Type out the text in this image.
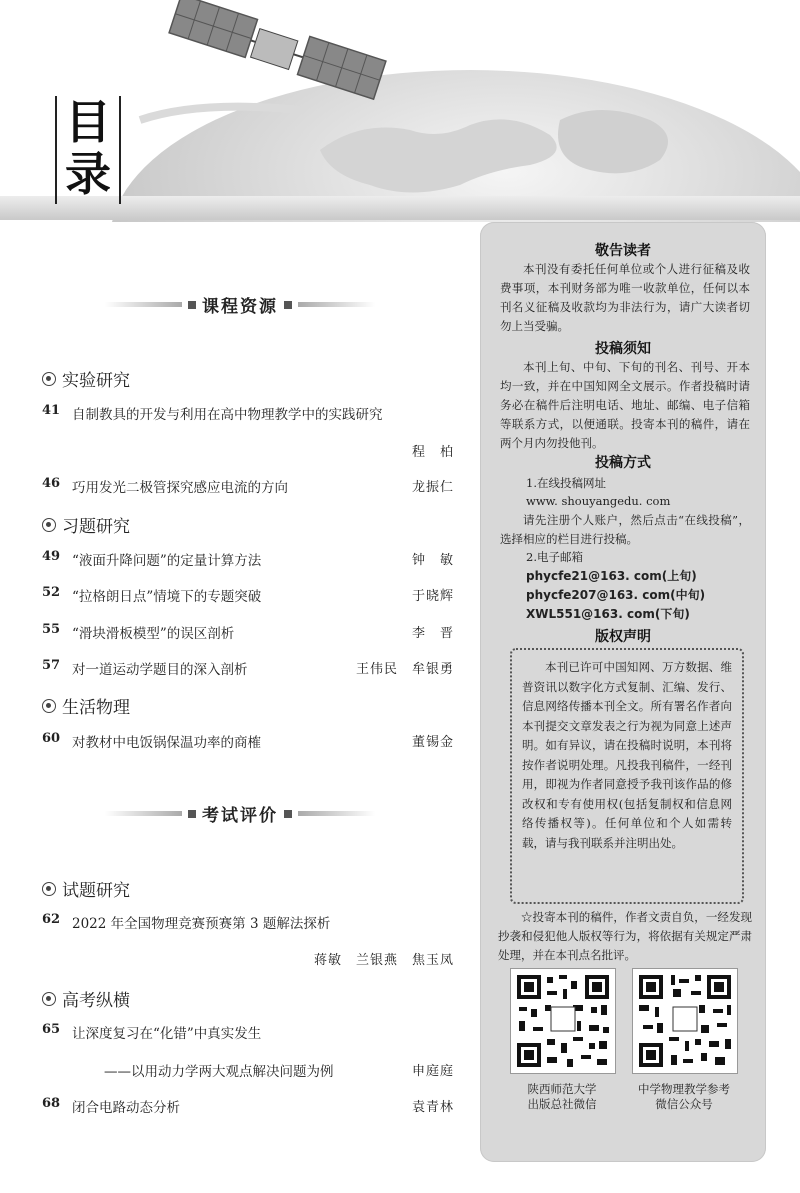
目
录
课程资源
实验研究
41 自制教具的开发与利用在高中物理教学中的实践研究
程　柏
46 巧用发光二极管探究感应电流的方向	龙振仁
习题研究
49 “液面升降问题”的定量计算方法	钟　敏
52 “拉格朗日点”情境下的专题突破	于晓辉
55 “滑块滑板模型”的误区剖析	李　晋
57 对一道运动学题目的深入剖析	王伟民　牟银勇
生活物理
60 对教材中电饭锅保温功率的商榷	董锡金
考试评价
试题研究
62 2022 年全国物理竞赛预赛第 3 题解法探析
蒋敏　兰银燕　焦玉凤
高考纵横
65 让深度复习在“化错”中真实发生
——以用动力学两大观点解决问题为例	申庭庭
68 闭合电路动态分析	袁青林
敬告读者
本刊没有委托任何单位或个人进行征稿及收费事项，本刊财务部为唯一收款单位，任何以本刊名义征稿及收款均为非法行为，请广大读者切勿上当受骗。
投稿须知
本刊上旬、中旬、下旬的刊名、刊号、开本均一致，并在中国知网全文展示。作者投稿时请务必在稿件后注明电话、地址、邮编、电子信箱等联系方式，以便通联。投寄本刊的稿件，请在两个月内勿投他刊。
投稿方式
1.在线投稿网址
www. shouyangedu. com
请先注册个人账户，然后点击“在线投稿”，选择相应的栏目进行投稿。
2.电子邮箱
phycfe21@163. com(上旬)
phycfe207@163. com(中旬)
XWL551@163. com(下旬)
版权声明
本刊已许可中国知网、万方数据、维普资讯以数字化方式复制、汇编、发行、信息网络传播本刊全文。所有署名作者向本刊提交文章发表之行为视为同意上述声明。如有异议，请在投稿时说明，本刊将按作者说明处理。凡投我刊稿件，一经刊用，即视为作者同意授予我刊该作品的修改权和专有使用权(包括复制权和信息网络传播权等)。任何单位和个人如需转载，请与我刊联系并注明出处。
☆投寄本刊的稿件，作者文责自负，一经发现抄袭和侵犯他人版权等行为，将依据有关规定严肃处理，并在本刊点名批评。
陕西师范大学
出版总社微信
中学物理教学参考
微信公众号
